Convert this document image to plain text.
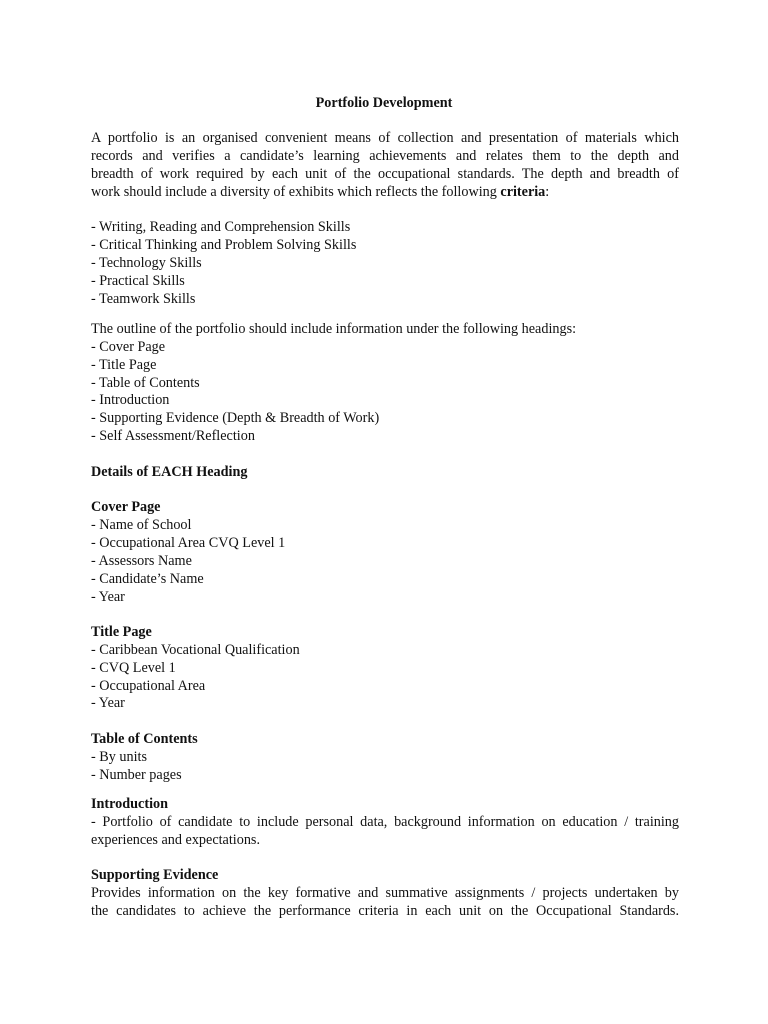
Portfolio Development
A portfolio is an organised convenient means of collection and presentation of materials which
records and verifies a candidate’s learning achievements and relates them to the depth and
breadth of work required by each unit of the occupational standards. The depth and breadth of
work should include a diversity of exhibits which reflects the following criteria:
- Writing, Reading and Comprehension Skills
- Critical Thinking and Problem Solving Skills
- Technology Skills
- Practical Skills
- Teamwork Skills
The outline of the portfolio should include information under the following headings:
- Cover Page
- Title Page
- Table of Contents
- Introduction
- Supporting Evidence (Depth & Breadth of Work)
- Self Assessment/Reflection
Details of EACH Heading
Cover Page
- Name of School
- Occupational Area CVQ Level 1
- Assessors Name
- Candidate’s Name
- Year
Title Page
- Caribbean Vocational Qualification
- CVQ Level 1
- Occupational Area
- Year
Table of Contents
- By units
- Number pages
Introduction
- Portfolio of candidate to include personal data, background information on education / training
experiences and expectations.
Supporting Evidence
Provides information on the key formative and summative assignments / projects undertaken by
the candidates to achieve the performance criteria in each unit on the Occupational Standards.
